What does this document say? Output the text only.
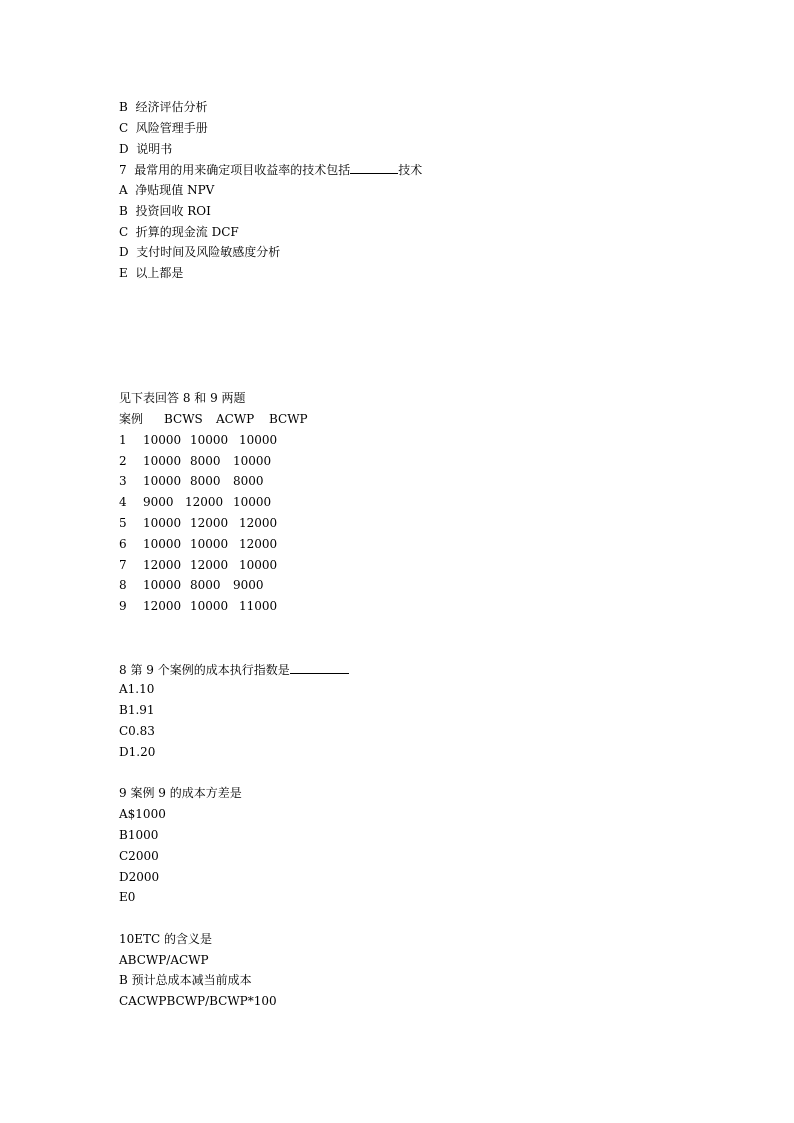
B  经济评估分析
C  风险管理手册
D  说明书
7  最常用的用来确定项目收益率的技术包括	技术
A  净贴现值 NPV
B  投资回收 ROI
C  折算的现金流 DCF
D  支付时间及风险敏感度分析
E  以上都是
见下表回答 8 和 9 两题
案例 BCWS ACWP BCWP
1 10000 10000 10000
2 10000 8000 10000
3 10000 8000 8000
4 9000 12000 10000
5 10000 12000 12000
6 10000 10000 12000
7 12000 12000 10000
8 10000 8000 9000
9 12000 10000 11000
8 第 9 个案例的成本执行指数是
A1.10
B1.91
C0.83
D1.20
9 案例 9 的成本方差是
A$1000
B1000
C2000
D2000
E0
10ETC 的含义是
ABCWP/ACWP
B 预计总成本减当前成本
CACWPBCWP/BCWP*100
